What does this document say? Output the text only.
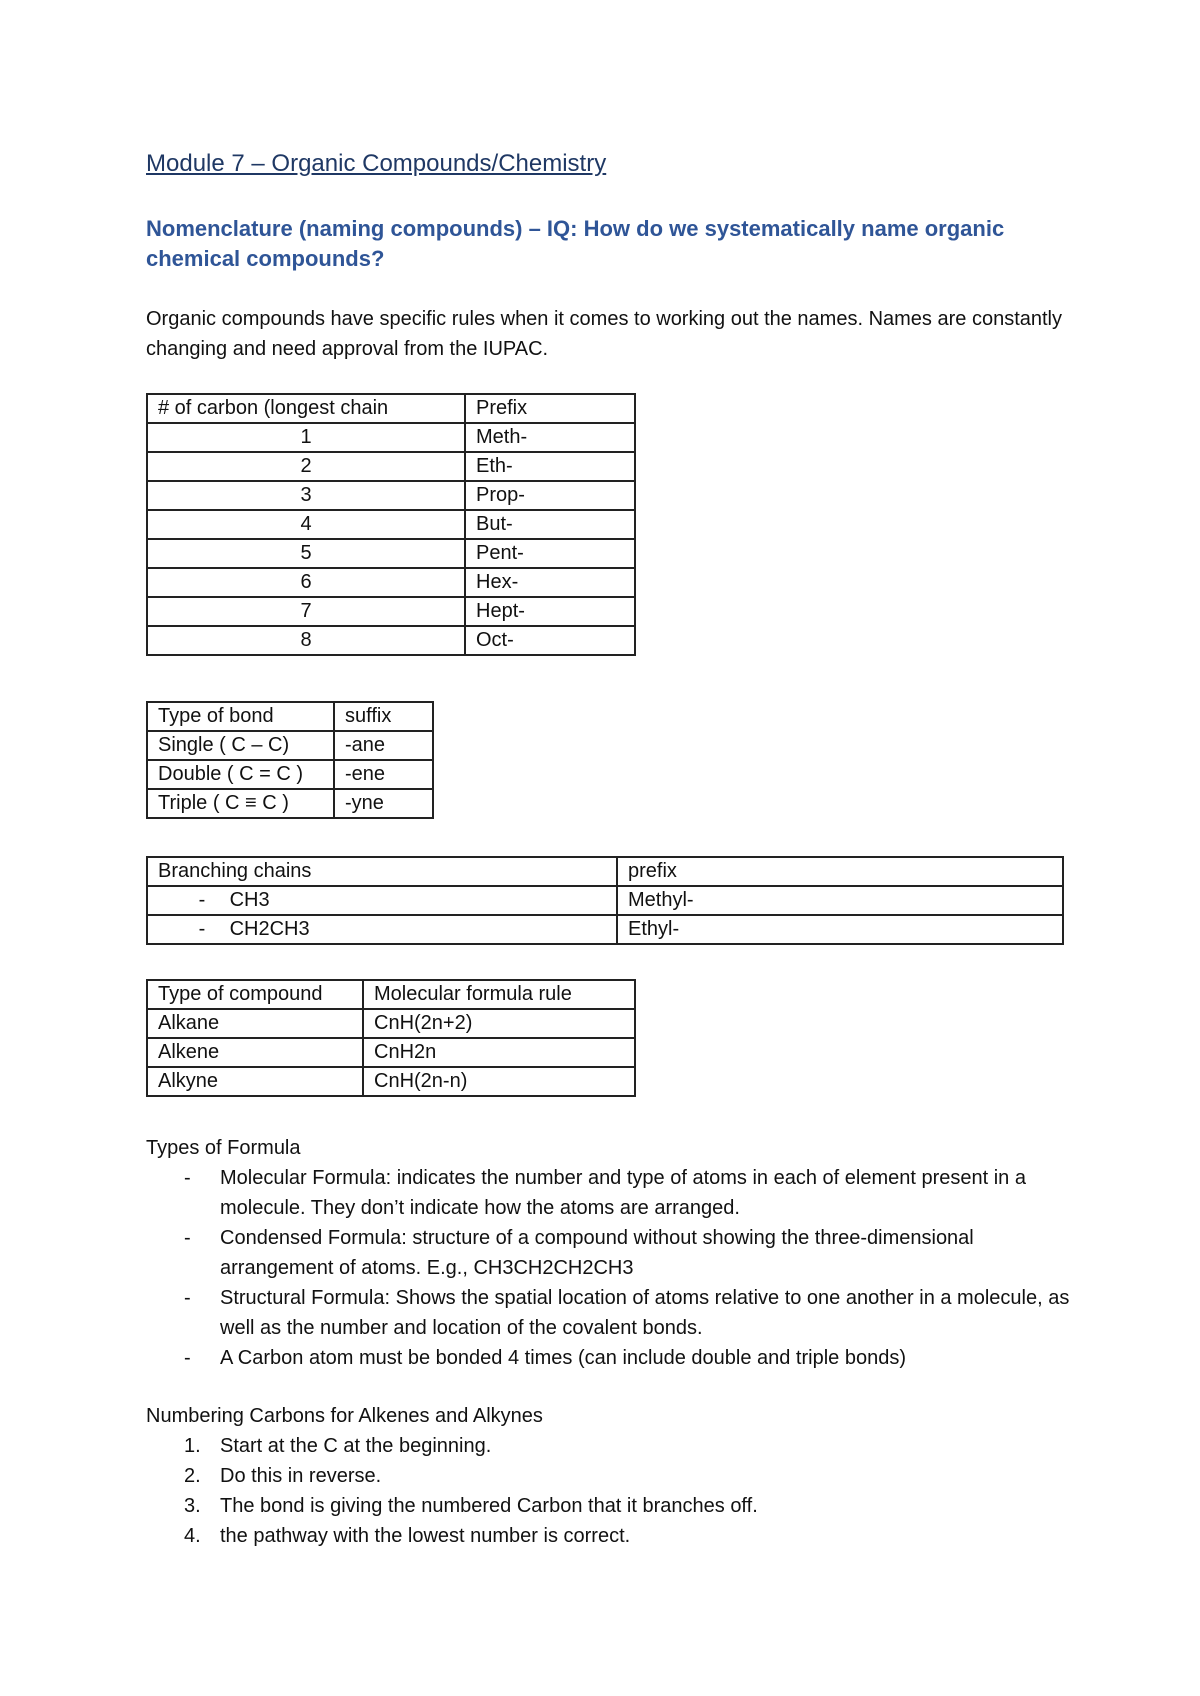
Module 7 – Organic Compounds/Chemistry
Nomenclature (naming compounds) – IQ: How do we systematically name organic chemical compounds?

Organic compounds have specific rules when it comes to working out the names. Names are constantly changing and need approval from the IUPAC.

# of carbon (longest chain	Prefix
1	Meth-
2	Eth-
3	Prop-
4	But-
5	Pent-
6	Hex-
7	Hept-
8	Oct-
Type of bond	suffix
Single ( C – C)	-ane
Double ( C = C )	-ene
Triple ( C ≡ C )	-yne
Branching chains	prefix
- CH3	Methyl-
- CH2CH3	Ethyl-
Type of compound	Molecular formula rule
Alkane	CnH(2n+2)
Alkene	CnH2n
Alkyne	CnH(2n-n)

Types of Formula

- Molecular Formula: indicates the number and type of atoms in each of element present in a molecule. They don’t indicate how the atoms are arranged.
- Condensed Formula: structure of a compound without showing the three-dimensional arrangement of atoms. E.g., CH3CH2CH2CH3
- Structural Formula: Shows the spatial location of atoms relative to one another in a molecule, as well as the number and location of the covalent bonds.
- A Carbon atom must be bonded 4 times (can include double and triple bonds)

Numbering Carbons for Alkenes and Alkynes

1. Start at the C at the beginning.
2. Do this in reverse.
3. The bond is giving the numbered Carbon that it branches off.
4. the pathway with the lowest number is correct.
